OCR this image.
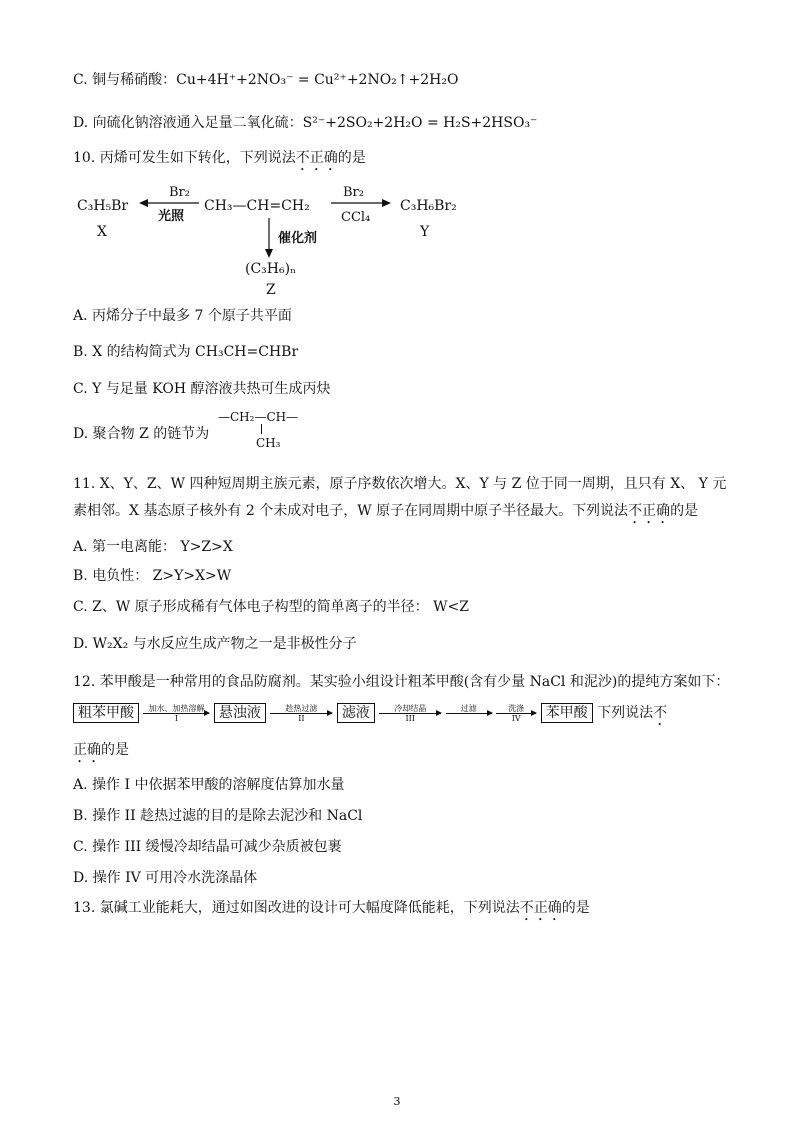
C. 铜与稀硝酸：Cu+4H⁺+2NO₃⁻ = Cu²⁺+2NO₂↑+2H₂O
D. 向硫化钠溶液通入足量二氧化硫：S²⁻+2SO₂+2H₂O = H₂S+2HSO₃⁻
10. 丙烯可发生如下转化，下列说法不正确的是
C₃H₅Br
X
Br₂
光照
CH₃—CH=CH₂
Br₂
CCl₄
C₃H₆Br₂
Y
催化剂
(C₃H₆)ₙ
Z
A. 丙烯分子中最多 7 个原子共平面
B. X 的结构简式为 CH₃CH=CHBr
C. Y 与足量 KOH 醇溶液共热可生成丙炔
D. 聚合物 Z 的链节为
—CH₂—CH—
CH₃
11. X、Y、Z、W 四种短周期主族元素，原子序数依次增大。X、Y 与 Z 位于同一周期，且只有 X、 Y 元
素相邻。X 基态原子核外有 2 个未成对电子，W 原子在同周期中原子半径最大。下列说法不正确的是
A. 第一电离能： Y>Z>X
B. 电负性： Z>Y>X>W
C. Z、W 原子形成稀有气体电子构型的简单离子的半径： W<Z
D. W₂X₂ 与水反应生成产物之一是非极性分子
12. 苯甲酸是一种常用的食品防腐剂。某实验小组设计粗苯甲酸(含有少量 NaCl 和泥沙)的提纯方案如下：
粗苯甲酸	加水、加热溶解
I	悬浊液	趁热过滤
II	滤液	冷却结晶
III

过滤

	洗涤
IV	苯甲酸 下列说法不
正确的是
A. 操作 I 中依据苯甲酸的溶解度估算加水量
B. 操作 II 趁热过滤的目的是除去泥沙和 NaCl
C. 操作 III 缓慢冷却结晶可减少杂质被包裹
D. 操作 IV 可用冷水洗涤晶体
13. 氯碱工业能耗大，通过如图改进的设计可大幅度降低能耗，下列说法不正确的是
3
